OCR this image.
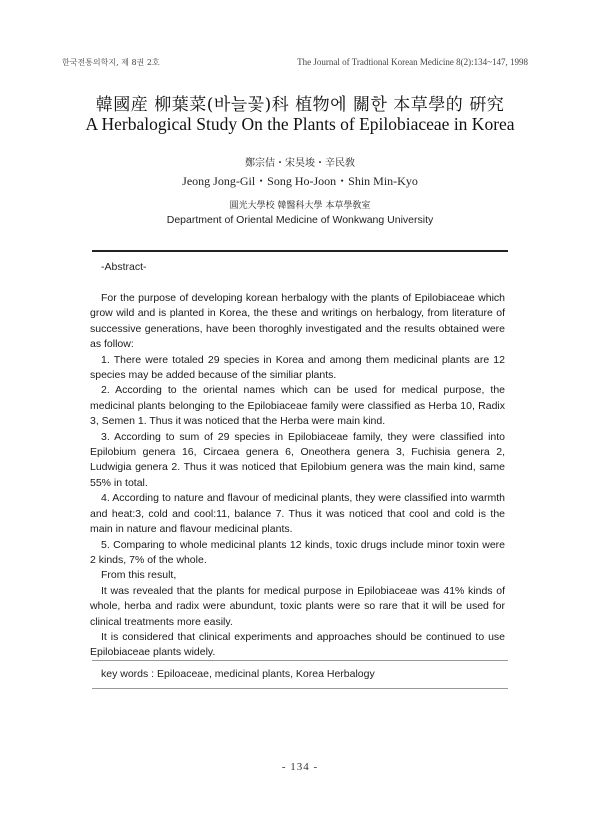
한국전통의학지, 제 8권 2호	The Journal of Tradtional Korean Medicine 8(2):134~147, 1998
韓國産 柳葉菜(바늘꽃)科 植物에 關한 本草學的 硏究
A Herbalogical Study On the Plants of Epilobiaceae in Korea
鄭宗佶・宋昊埈・辛民敎
Jeong Jong-Gil・Song Ho-Joon・Shin Min-Kyo
圓光大學校 韓醫科大學 本草學敎室
Department of Oriental Medicine of Wonkwang University
-Abstract-

For the purpose of developing korean herbalogy with the plants of Epilobiaceae which grow wild and is planted in Korea, the these and writings on herbalogy, from literature of successive generations, have been thoroghly investigated and the results obtained were as follow:

1. There were totaled 29 species in Korea and among them medicinal plants are 12 species may be added because of the similiar plants.

2. According to the oriental names which can be used for medical purpose, the medicinal plants belonging to the Epilobiaceae family were classified as Herba 10, Radix 3, Semen 1. Thus it was noticed that the Herba were main kind.

3. According to sum of 29 species in Epilobiaceae family, they were classified into Epilobium genera 16, Circaea genera 6, Oneothera genera 3, Fuchisia genera 2, Ludwigia genera 2. Thus it was noticed that Epilobium genera was the main kind, same 55% in total.

4. According to nature and flavour of medicinal plants, they were classified into warmth and heat:3, cold and cool:11, balance 7. Thus it was noticed that cool and cold is the main in nature and flavour medicinal plants.

5. Comparing to whole medicinal plants 12 kinds, toxic drugs include minor toxin were 2 kinds, 7% of the whole.

From this result,

It was revealed that the plants for medical purpose in Epilobiaceae was 41% kinds of whole, herba and radix were abundunt, toxic plants were so rare that it will be used for clinical treatments more easily.

It is considered that clinical experiments and approaches should be continued to use Epilobiaceae plants widely.

key words : Epiloaceae, medicinal plants, Korea Herbalogy
- 134 -
